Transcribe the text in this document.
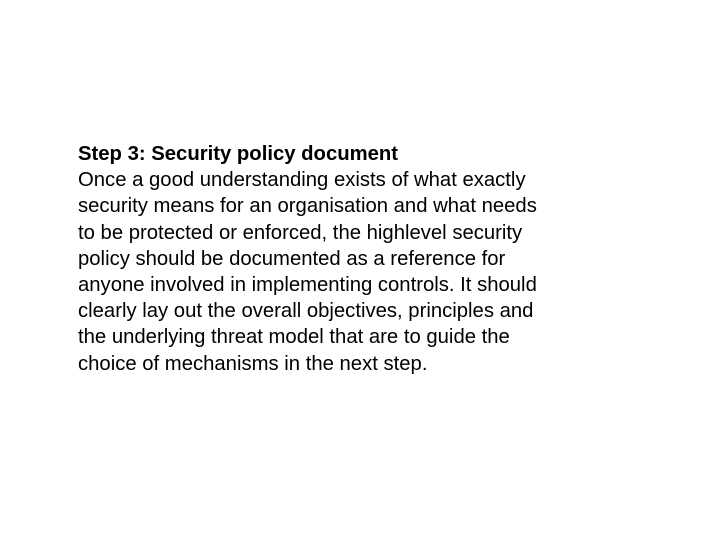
Step 3: Security policy document

Once a good understanding exists of what exactly

security means for an organisation and what needs

to be protected or enforced, the highlevel security

policy should be documented as a reference for

anyone involved in implementing controls. It should

clearly lay out the overall objectives, principles and

the underlying threat model that are to guide the

choice of mechanisms in the next step.
